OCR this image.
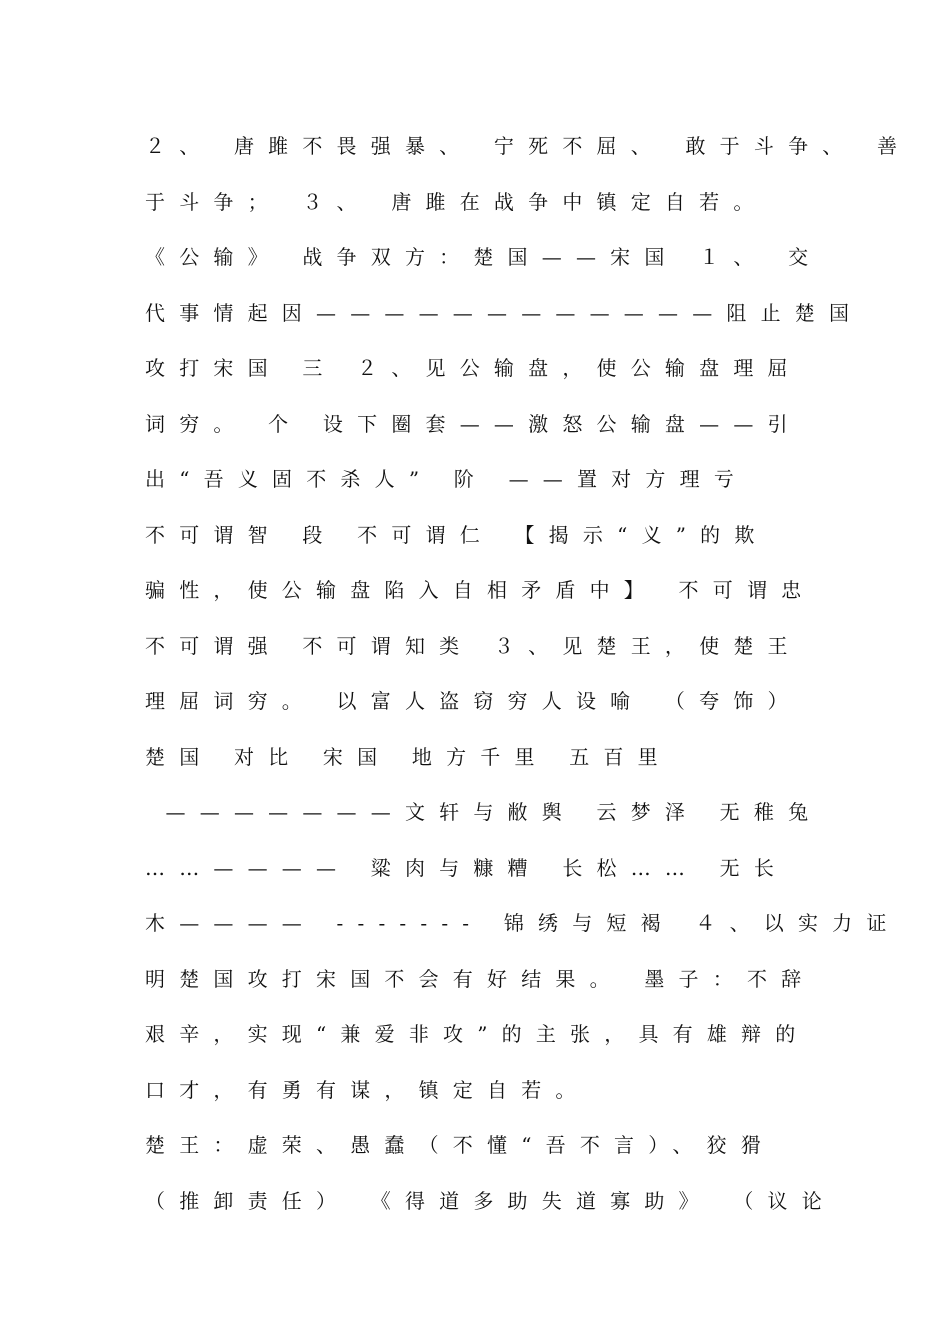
２、 唐雎不畏强暴、 宁死不屈、 敢于斗争、 善
于斗争； ３、 唐雎在战争中镇定自若。
《公输》 战争双方：楚国——宋国 １、 交
代事情起因————————————阻止楚国
攻打宋国 三 ２、见公输盘，使公输盘理屈
词穷。 个 设下圈套——激怒公输盘——引
出“吾义固不杀人” 阶 ——置对方理亏
不可谓智 段 不可谓仁 【揭示“义”的欺
骗性，使公输盘陷入自相矛盾中】 不可谓忠
不可谓强 不可谓知类 ３、见楚王，使楚王
理屈词穷。 以富人盗窃穷人设喻 （夸饰）
楚国 对比 宋国 地方千里 五百里
———————文轩与敝舆 云梦泽 无稚兔
……———— 粱肉与糠糟 长松…… 无长
木———— ------- 锦绣与短褐 ４、以实力证
明楚国攻打宋国不会有好结果。 墨子：不辞
艰辛，实现“兼爱非攻”的主张，具有雄辩的
口才，有勇有谋，镇定自若。
楚王：虚荣、愚蠢（不懂“吾不言）、狡猾
（推卸责任） 《得道多助失道寡助》 （议论
